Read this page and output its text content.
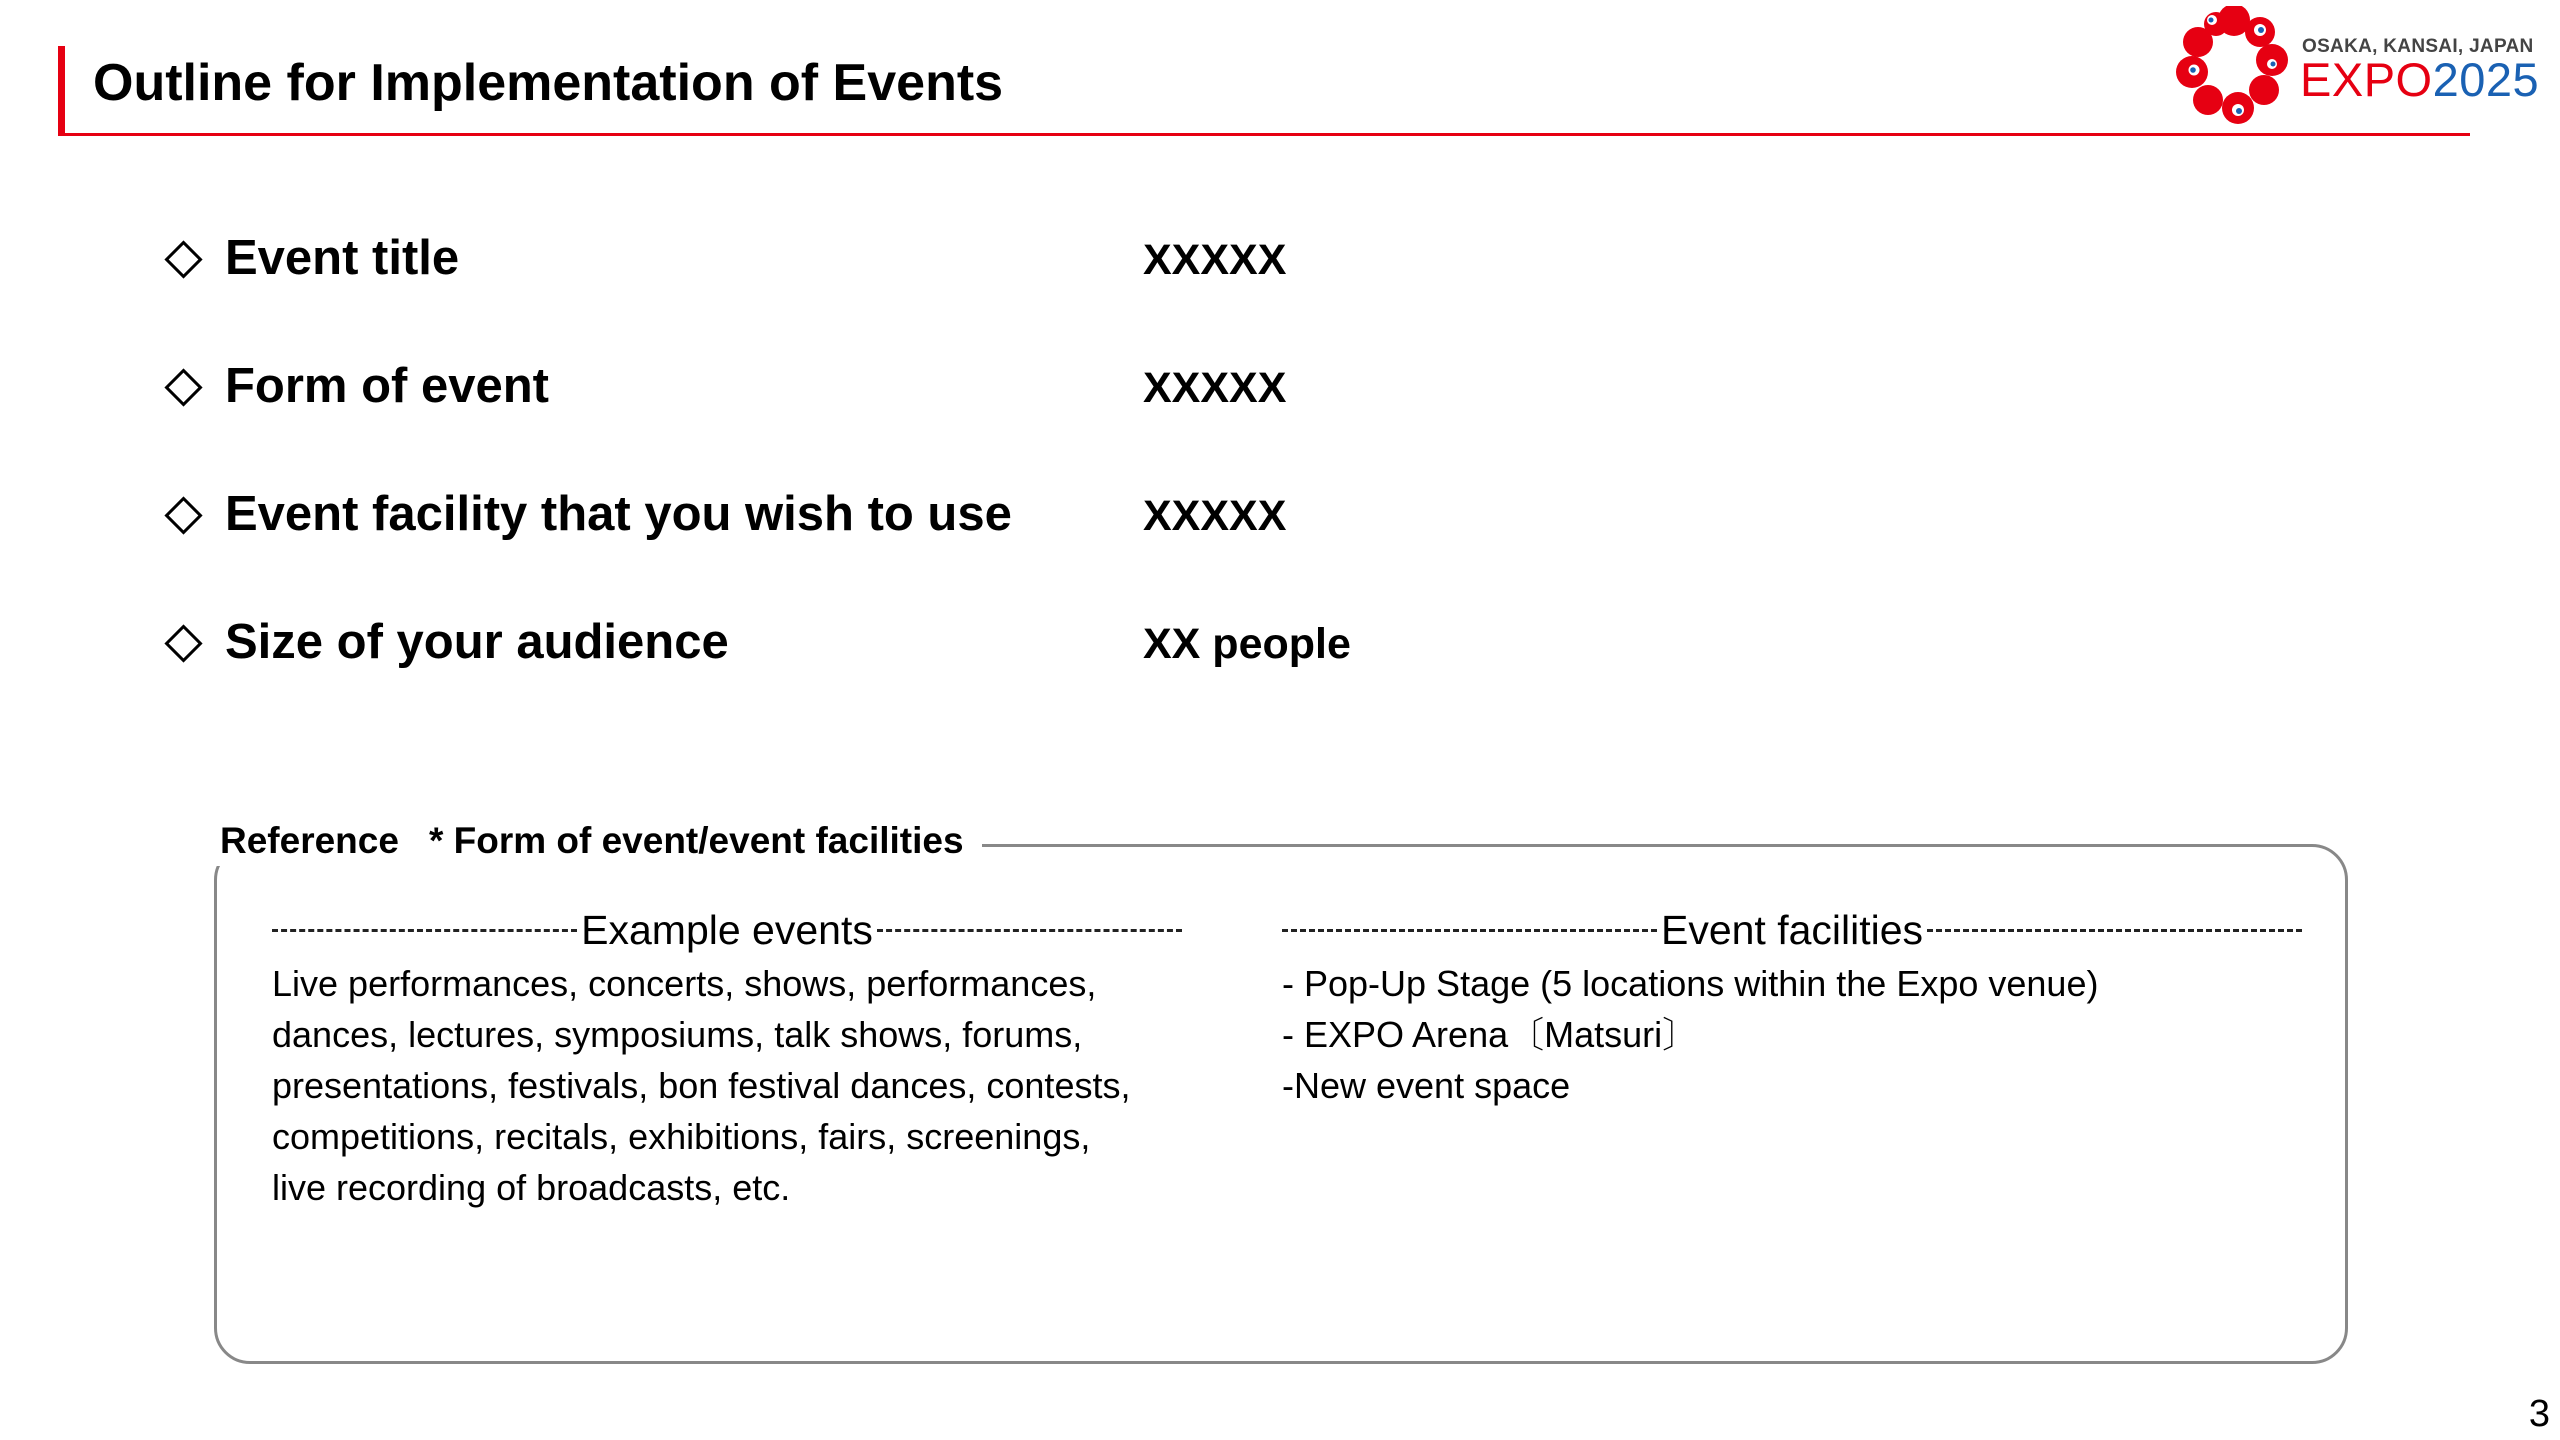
Outline for Implementation of Events
OSAKA, KANSAI, JAPAN
EXPO2025
Event title	XXXXX
Form of event	XXXXX
Event facility that you wish to use	XXXXX
Size of your audience	XX people
Reference * Form of event/event facilities
Example events
Live performances, concerts, shows, performances,
dances, lectures, symposiums, talk shows, forums,
presentations, festivals, bon festival dances, contests,
competitions, recitals, exhibitions, fairs, screenings,
live recording of broadcasts, etc.
Event facilities
- Pop-Up Stage (5 locations within the Expo venue)
- EXPO Arena〔Matsuri〕
-New event space
3
